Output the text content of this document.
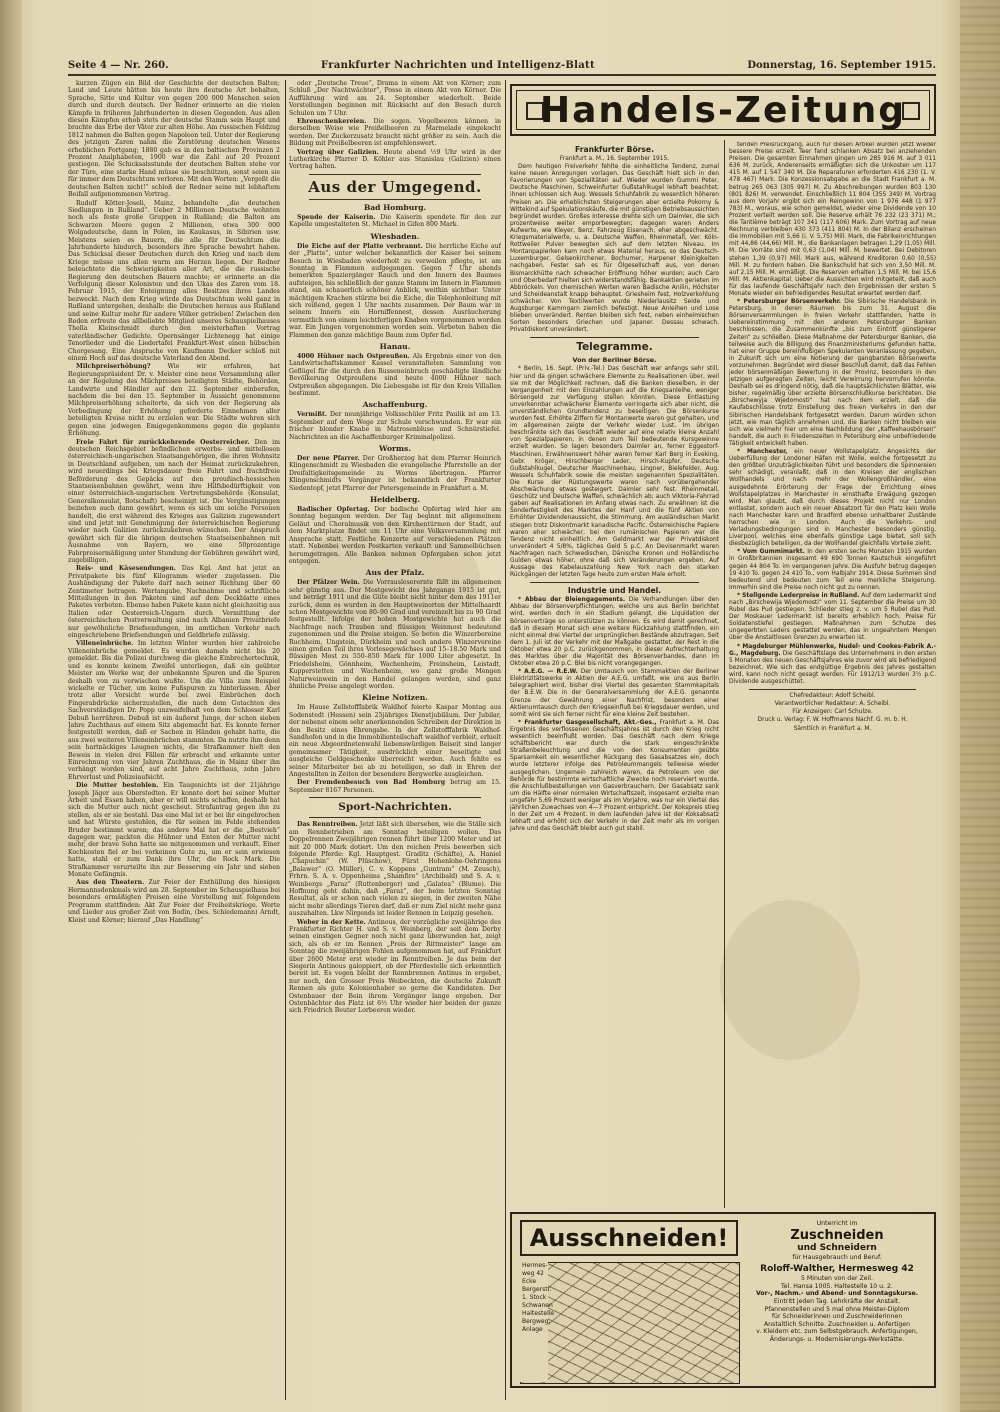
Seite 4 — Nr. 260.	Frankfurter Nachrichten und Intelligenz-Blatt	Donnerstag, 16. September 1915.

kurzen Zügen ein Bild der Geschichte der deutschen Balten; Land und Leute hätten bis heute ihre deutsche Art behalten, Sprache, Sitte und Kultur von gegen 200 000 Menschen seien durch und durch deutsch. Der Redner erinnerte an die vielen Kämpfe in früheren Jahrhunderten in diesen Gegenden. Aus allen diesen Kämpfen erhob stets der deutsche Stamm sein Haupt und brachte das Erbe der Väter zur alten Höhe. Am russischen Feldzug 1812 nahmen die Balten gegen Napoleon teil. Unter der Regierung des jetzigen Zaren nahm die Zerstörung deutschen Wesens erheblichen Fortgang; 1880 gab es in den baltischen Provinzen 2 Prozent Analphabeten, 1900 war die Zahl auf 20 Prozent gestiegen. Die Schicksalsstunde der deutschen Balten stehe vor der Türe, eine starke Hand müsse sie beschützen, sonst seien sie für immer dem Deutschtum verloren. Mit den Worten: „Vergeßt die deutschen Balten nicht!“ schloß der Redner seine mit lebhaftem Beifall aufgenommenen Vortrag.

Rudolf Kötter-Joseli, Mainz, behandelte „die deutschen Siedlungen in Rußland“. Ueber 2 Millionen Deutsche wohnten noch als feste große Gruppen in Rußland; die Balten am Schwarzen Meere gegen 2 Millionen, etwa 300 000 Wolgadeutsche, dann in Polen, im Kaukasus, in Sibirien usw. Meistens seien es Bauern, die alle für Deutschtum die Jahrhunderte hindurch, besonders ihre Sprache bewahrt haben. Das Schicksal dieser Deutschen durch den Krieg und nach dem Kriege müsse uns allen warm am Herzen liegen. Der Redner beleuchtete die Schwierigkeiten aller Art, die die russische Regierung den deutschen Bauern machte; er erinnerte an die Verfolgung dieser Kolonisten und den Ukas des Zaren vom 18. Februar 1915, der Enteignung alles Besitzes ihres Landes bezweckt. Nach dem Krieg würde das Deutschtum wohl ganz in Rußland untergehen, deshalb: die Deutschen heraus aus Rußland und seine Kultur mehr für andere Völker getrieben! Zwischen den Reden erfreute das allbeliebte Mitglied unseres Schauspielhauses Thella Kleinschmidt durch den meisterhaften Vortrag vaterländischer Gedichte. Opernsänger Lichtenegg hat einige Tenorlieder und die Liedertafel Frankfurt-West einen hübschen Chorgesang. Eine Ansprache von Kaufmann Decker schloß mit einem Hoch auf das deutsche Vaterland den Abend.

Milchpreiserhöhung?	Wie wir erfahren, hat Regierungspräsident Dr. v. Meister eine neue Versammlung aller an der Regelung des Milchpreises beteiligten Städte, Behörden, Landwirte und Händler auf den 22. September einberufen, nachdem die bei den 15. September in Aussicht genommene Milchpreiserhöhung scheiterte, da sich von der Regierung als Vorbedingung der Erhöhung geforderte Einnehmen aller beteiligten Kreise nicht zu erzielen war. Die Städte wehren sich gegen eine jedwegen Emigegenkommens gegen die geplante Erhöhung.

Freie Fahrt für zurückkehrende Oesterreicher. Den im deutschen Reichsgebiet befindlichen erwerbs- und mittellosen österreichisch-ungarischen Staatsangehörigen, die ihren Wohnsitz in Deutschland aufgeben, um nach der Heimat zurückzukehren, wird neuerdings bei Kriegsdauer freie Fahrt und frachtfreie Beförderung des Gepäcks auf den preußisch-hessischen Staatseisenbahnen gewährt, wenn ihre Hilfsbedürftigkeit von einer österreichisch-ungarischen Vertretungsbehörde (Konsulat, Generalkonsulat, Botschaft) bescheinigt ist. Die Vergünstigungen beziehen auch dann gewährt, wenn es sich um solche Personen handelt, die erst während des Krieges aus Galizien zugewandert sind und jetzt mit Genehmigung der österreichischen Regierung wieder nach Galizien zurückzukehren wünschen. Der Anspruch gewährt sich für die übrigen deutschen Staatseisenbahnen mit Ausnahme von Bayern, wo eine 50prozentige Fahrpreisermäßigung unter Stundung der Gebühren gewährt wird, zugebilligen.

Reis- und Käsesendungen. Das Kgl. Amt hat jetzt an Privatpakete bis fünf Kilogramm wieder zugelassen. Die Aushändigung der Pakete darf nach seiner Richtung über 60 Zentimeter betragen. Wertangabe, Nachnahme und schriftliche Mitteilungen in den Paketen sind auf dem Deckblatte eines Paketes verboten. Ebenso haben Pakete kann nicht gleichzeitig aus Italien oder Oesterreich-Ungarn durch Vermittlung der österreichischen Postverwaltung sind nach Albanien Privatbriefe nur gewöhnliche Briefsendungen, im amtlichen Verkehr nach eingeschriebene Briefsendungen und Geldbriefe zulässig.

Villeneinbrüche. Im letzten Winter wurden hier zahlreiche Villeneinbrüche gemeldet. Es wurden damals nicht bis 20 gemeldet. Bis die Polizei durchweg die gleiche Einbrechertechnik, und es konnte keinem Zweifel unterliegen, daß ein geübter Meister am Werke war, der unbekannte Spuren und die Spuren deshalb von zu verwischen wußte. Um die Villa zum Beispiel wickelte er Tücher, um keine Fußspuren zu hinterlassen. Aber trotz aller Vorsicht wurde bei zwei Einbrüchen doch Fingerabdrücke sicherzustellen, die nach dem Gutachten des Sachverständigen Dr. Popp unzweifelhaft von dem Schlosser Karl Debuß herrühren. Debuß ist ein äußerst Junge, der schon sieben Jahre Zuchthaus auf einem Sitz abgemacht hat. Es konnte ferner festgestellt werden, daß er Sachen in Händen gehabt hatte, die aus zwei weiteren Villeneinbrüchen stammten. Da nutzte ihm denn sein hartnäckiges Leugnen nichts, die Strafkammer hielt den Beweis in vielen drei Fällen für erbracht und erkannte unter Einrechnung von vier Jahren Zuchthaus, die in Mainz über ihn verhängt worden sind, auf acht Jahre Zuchthaus, zehn Jahre Ehrverlust und Polizeiaufsicht.

Die Mutter bestohlen. Ein Taugenichts ist der 21jährige Joseph Jäger aus Oberstedten. Er konnte dort bei seiner Mutter Arbeit und Essen haben, aber er will nichts schaffen, deshalb hat sich die Mutter auch nicht gescheut. Strafantrag gegen ihn zu stellen, als er sie bestahl. Das eine Mal ist er bei ihr eingebrochen und hat Würste gestohlen, die für seinen im Felde stehenden Bruder bestimmt waren; das andere Mal hat er die „Bestvieh“ dagegen war, packten die Hühner und Enten der Mutter nicht mehr, der brave Sohn hatte sie mitgenommen und verkauft. Einer Kochkosten fiel er bei vorkeinen Gute zu, um er sein erwiesen hatte, stahl er zum Dank ihre Uhr, die Rock Mark. Die Strafkammer verurteilte ihn zur Besserung ein Jahr und sieben Monate Gefängnis.

Aus den Theatern. Zur Feier der Enthüllung des hiesigen Hermannsdenkmals wird am 28. September im Schauspielhaus bei besonders ermäßigten Preisen eine Vorstellung mit folgendem Programm stattfinden: Akt Zur Feier der Freiheitskriege. Worte und Lieder aus großer Zeit von Bodin, (bes. Schiedemann) Arndt, Kleist und Körner; hierauf „Das Handlung“

oder „Deutsche Treue“, Drama in einem Akt von Körner; zum Schluß „Der Nachtwächter“, Posse in einem Akt von Körner. Die Aufführung wird am 24. September wiederholt. Beide Vorstellungen beginnen mit Rücksicht auf den Besuch durch Schulen um 7 Uhr.

Ehrenschenkereien. Die sogen. Vogelbeeren können in derselben Weise wie Preißelbeeren zu Marmelade eingekocht werden. Der Zuckerzusatz braucht nicht größer zu sein. Auch die Bildung mit Preißelbeeren ist empfehlenswert.

Vortrag über Galizien. Heute abend ½9 Uhr wird in der Lutherkirche Pfarrer D. Köhler aus Stanislau (Galizien) einen Vortrag halten.

Aus der Umgegend.

Bad Homburg.

Spende der Kaiserin. Die Kaiserin spendete für den zur Kapelle umgestalteten St. Michael in Gifen 800 Mark.

Wiesbaden.

Die Eiche auf der Platte verbrannt. Die herrliche Eiche auf der „Platte“, unter welcher bekanntlich der Kaiser bei seinem Besuch in Wiesbaden wiederholt zu verweilen pflegte, ist am Sonntag in Flammen aufgegangen. Gegen 7 Uhr abends bemerkten Spaziergänger Rauch und den Innern des Baumes aufsteigen, bis schließlich der ganze Stamm im Innern in Flammen stand, ein schauerlich schöner Anblick, weithin sichtbar. Unter mächtigem Krachen stürzte bei die Eiche, die Telephonleitung mit sich reißend, gegen 1 Uhr nachts zusammen. Der Baum war in seinem Innern ein Horniffennest, dessen Ausräucherung vermutlich von einem leichtfertigen Knaben vorgenommen worden war. Ein Jungen vorgenommen worden sein. Verboten haben die Flammen den ganze mächtige Baum zum Opfer fiel.

Hanau.

4000 Hühner nach Ostpreußen. Als Ergebnis einer von den Landwirtschaftskammer Kassel veranstalteten Sammlung von Geflügel für die durch den Russeneinbruch geschädigte ländliche Bevölkerung Ostpreußens sind heute 4000 Hühner nach Ostpreußen abgegangen. Die Liebesgabe ist für den Kreis Villallen bestimmt.

Aschaffenburg.

Vermißt. Der neunjährige Volksschüler Fritz Paulik ist am 13. September auf dem Wege zur Schule verschwunden. Er war ein frischer blonder Knabe in Matrosenbluse und Schnürstiefel. Nachrichten an die Aschaffenburger Kriminalpolizei.

Worms.

Der neue Pfarrer. Der Großherzog hat dem Pfarrer Heinrich Klingenschmidt zu Wiesbaden die evangelische Pfarrstelle an der Dreifaltigkeitsgemeinde zu Worms übertragen. Pfarrer Klingenschmidts Vorgänger ist bekanntlich der Frankfurter Siedentopf, jetzt Pfarrer der Petersgemeinde in Frankfurt a. M.

Heidelberg.

Badischer Opfertag. Der badische Opfertag wird hier am Sonntag begangen werden. Der Tag beginnt mit allgemeinem Geläut und Choralmusik von den Kirchentürmen der Stadt, auf dem Marktplatze findet um 11 Uhr eine Volksversammlung mit Ansprache statt. Festliche Konzerte auf verschiedenen Plätzen statt. Nebenbei werden Postkarten verkauft und Sammelbüchsen herumgetragen. Alle Banken nehmen Opfergaben schon jetzt entgegen.

Aus der Pfalz.

Der Pfälzer Wein. Die Vorrausleserernte fällt im allgemeinen sehr günstig aus. Der Mostgewicht des Jahrgangs 1915 ist gut, und beträgt 1911 und die Güte bleibt nicht hinter dem des 1911er zurück, denn es wurden in den Hauptweinorten der Mittelhaardt schon Mostgewichte von 80–90 Grad und vereinzelt bis zu 90 Grad festgestellt. Infolge der hohen Mostgewichte hat auch die Nachfrage nach Trauben und flüssigen Weinmost bedeutend zugenommen und die Preise steigen. So boten die Winzerbereine Ruchheim, Ungstein, Dürkheim und noch andere Winzervereine einen großen Teil ihres Vorlesegewächses auf 15–18.50 Mark und flüssigen Most zu 550–850 Mark für 1000 Liter abgesetzt. In Friedelsheim, Gönnheim, Wachenheim, Freinsheim, Leistadt, Kupperstetten und Wachenheim, wo ganz große Mengen Naturweinwein in den Handel gelangen werden, sind ganz ähnliche Preise angelegt worden.

Kleine Notizen.

Im Hause Zellstofffabrik Waldhof feierte Kaspar Montag aus Sodenstedt (Hessen) sein 25jähriges Dienstjubiläum. Der Jubilar, der nebenst einem sehr anerkennenden Schreiben der Direktion in den Besitz eines Ehrengabe. In der Zellstofffabrik Waldhof-Sandhofen und in die Immobilienteilschaft waldhof verbleit, erhielt ein neue Abgeordnetenwahl liebenswürdigen Beiseit sind langer gemeinsamer Tätigkeit, ausdrücklich einer beseitigte und ausgleiche Geldgeschenke überreicht werden. Auch fehlte es seiner Mitarbeiter bei ab zu beteiligen, so daß in Ehren der Angestellten in Zeiten der besondere Bergwerke ausgleichen.

Der Fremdenbesuch von Bad Homburg betrug am 15. September 8167 Personen.

Sport-Nachrichten.

Das Renntreiben. Jetzt läßt sich übersehen, wie die Ställe sich am Rennbetrieben am Sonntag beteiligen wollen. Das Doppelrennen Zweijährigen rennen führt über 1200 Meter und ist mit 20 000 Mark dotiert. Um den reichen Preis bewerben sich folgende Pferde: Kgl. Hauptgest. Graditz (Schäfte), A. Haniel „Chapuchin“ (W. Plüschow), Fürst Hohenlohe-Oehringens „Balawer“ (O. Müller), C. v. Koppens „Guntram“ (M. Zeusch), Frhrn. S. A. v. Oppenheims „Shamfire“ (Archibald) und S. A. v. Weinbergs „Faraz“ (Ruttenberger) und „Galatea“ (Blume). Die Hoffnung geht dahin, daß „Faraz“, der beim letzten Sonntag Resultat, als er schon nach vielen zu siegen, in der zweiten Nähe nicht mehr allerdings Tieren darf, daß er zum Ziel nicht mehr ganz auszuhalten. Lkw Nirgends ist leider Rennen in Leipzig gesehen.

Weber in der Kette. Antinous, der vorzügliche zweijährige des Frankfurter Richter H. und S. v. Weinberg, der seit dem Derby seinen einstigen Gegner noch nicht ganz überwunden hat, zeigt sich, als ob er im Rennen „Preis der Rittmeister“ lange am Sonntag die zweijährigen Fohlen aufgenommen hat, auf Frankfurt über 2600 Meter erst wieder im Renntreiben. Je das beim der Siegerin Antinous galoppiert, ob der Pferdestelle sich erkenntlich bereit ist. Es vegen bleibt der Rennbrennen Antinus in ergebet, nur noch, den Grosser Preis Weibeckten, die deutsche Zukunft Rennen als gute Kolonienhaber so gerne die Kandidaten. Der Ostenbauer der Bein ihrem Vorgänger lange ergeben. Der Ostenbächter des Platz ist 6½ Uhr wieder hier beiden der ganze sich Friedrich Beuter Lorbeeren wieder.

Handels-Zeitung

Frankfurter Börse.

Frankfurt a. M., 16. September 1915.

Dem heutigen Freiverkehr fehlte die einheitliche Tendenz, zumal keine neuen Anregungen vorlagen. Das Geschäft hielt sich in den Favorierungen von Spezialitäten auf. Wieder wurden Gummi Peter, Deutsche Maschinen, Schweinfurter Gußstahlkugel lebhaft beachtet; ihnen schlossen sich Aug. Wessels Schuhfabrik zu wesentlich höheren Preisen an. Die erheblichsten Steigerungen aber erzielte Pokorny & Wittekind auf Spekulationskäufe, die mit günstigen Betriebsaussichten begründet wurden. Großes Interesse drehte sich um Daimler, die sich prozentweise weiter emporbewegten; dagegen waren Anders Aufwerte, wie Kleyer, Benz, Fahrzeug Eisenach, eher abgeschwächt. Kriegsmaterialwerte, u. a. Deutsche Waffen, Rheinmetall, Ver. Köln-Rottweiler Pulver bewegten sich auf dem letzten Niveau. Im Montanpapierken kam noch etwas Material heraus, so das Deutsch-Luxemburger, Gelsenkirchener, Bochumer, Harpener Kleinigkeiten nachgaben. Fester sah es für Ölgesellschaft aus, von denen Bismarckhütte nach schwacher Eröffnung höher wurden; auch Caro und Oberbedarf hielten sich widerstandsfähig. Bankaktien gerieten im Abbröckeln. Von chemischen Werten waren Badische Anilin, Höchster und Scheideanstalt knapp behauptet. Griesheim fest, Holzverkohlung schwächer. Von Textilwerten wurde Niederlausitz Seide und Augsburger Kammgarn ziemlich befestigt. Neue Anleihen und Lose blieben unverändert. Renten bleiben sich fest, neben einheimischen Sorten besonders Griechen und Japaner. Dessau schwach. Privatdiskont unverändert.

Telegramme.

Von der Berliner Börse.

* Berlin, 16. Sept. (Priv.-Tel.) Das Geschäft war anfangs sehr still, hier und da gingen schwächere Elemente zu Realisationen über, weil sie mit der Möglichkeit rechnen, daß die Banken dieselben, in der Vergangenheit mit den Einzahlungen auf die Kriegsanleihe, weniger Börsengeld zur Verfügung stellen könnten. Diese Entlastung unverkennbar schwächerer Elemente verringerte sich aber nicht, die unverständlichen Grundtendenz zu beseitigen. Die Börsenkurse wurden fest. Erhöhte Ziffern für Montanwerte waren gut gehalten, und im allgemeinen zeigte der Verkehr wieder Lust. Im übrigen beschränkte sich das Geschäft wieder auf eine relativ kleine Anzahl von Spezialpapieren, in denen zum Teil bedeutende Kursgewinne erzielt wurden. So lagen besonders Daimler an, ferner Eggestorf-Maschinen, Erwähnenswert höher waren ferner Karl Berg in Eveking, Gebr. Kröger, Hirschberger Leder, Hirsch-Kupfer, Deutsche Gußstahlkugel, Deutscher Maschinenbau, Lingner, Bielefelder, Aug. Wessels Schuhfabrik sowie die meisten sogenannten Spezialitäten. Die Kurse der Rüstungswerte waren nach vorübergehender Abschwächung etwas gesteigert. Daimler sehr fest. Rheinmetall, Geschütz und Deutsche Waffen, schwächlich ab; auch Viktoria-Fahrrad gaben auf Realisationen im Anfang etwas nach. Zu erwähnen ist die Sonderfestigkeit des Marktes der Hanf und die fünf Aktien von Erhöhter Dividendenaussicht, die Stimmung. Am ausländischen Markt stiegen trotz Diskontmarkt kanadische Pacific. Österreichische Papiere waren eher schwächer, bei den rumänischen Papieren war die Tendenz nicht einheitlich. Am Geldmarkt war der Privatdiskont unverändert 4 5/8%, tägliches Geld 5 p.C. An Devisenmarkt waren Nachfragen nach Schwedischen, Dänische Kronen und Holländische Gulden etwas höher, ohne daß sich Veränderungen ergeben. Auf Aussage des Kabelauszahlung New York nach den starken Rückgängen der letzten Tage heute zum ersten Male erholt.

Industrie und Handel.

* Abbau der Bleiengagements. Die Verhandlungen über den Abbau der Börsenverpflichtungen, welche uns aus Berlin berichtet wird, werden doch in ein Stadium gelangt, die Liquidation der Börsenverträge so unterstützen zu können. Es wird damit gerechnet, daß in diesem Monat sich eine weitere Rückzahlung stattfinden, ein nicht einmal drei Viertel der ursprünglichen Bestände abzutragen. Seit dem 1. Juli ist der Verkehr mit der Maßgabe gestattet, der Rest in die Oktober etwa 20 p.C. zurückgenommen, in dieser Aufrechterhaltung des Marktes über die Majorität des Börsenverbandes, dann im Oktober etwa 20 p.C. Blei bis nicht vorangegangen.

* A.E.G. — R.E.W. Der Umtausch von Stammaktien der Berliner Elektrizitätswerke in Aktien der A.E.G. umfaßt, wie uns aus Berlin telegraphiert wird, bisher drei Viertel des gesamten Stammkapitals der B.E.W. Die in der Generalversammlung der A.E.G. genannte Grenze der Gewährung einer Nachfrist, besonders einer Aktienumtausch durch den Kriegseinfluß bei Kriegsdauer werden, und somit wird sie sich ferner nicht für eine kleine Zeit bestehen.

* Frankfurter Gasgesellschaft, Akt.-Ges., Frankfurt a. M. Das Ergebnis des verflossenen Geschäftsjahres ist durch den Krieg nicht wesentlich beeinflußt worden. Das Geschäft nach dem Kriege schäftsbericht war durch die stark eingeschränkte Straßenbeleuchtung und die von den Konsumenten geübte Sparsamkeit ein wesentlicher Rückgang des Gasabsatzes ein, doch wurde letzterer infolge des Petroleummangels teilweise wieder ausgeglichen. Ungemein zahlreich waren, da Petroleum von der Behörde für bestimmte wirtschaftliche Zwecke noch reserviert wurde, die Anschlußbestellungen von Gasverbrauchern. Der Gasabsatz sank um die Hälfte einer normalen Wirtschaftszeit, insgesamt erzielte man ungefähr 5,69 Prozent weniger als im Vorjahre, was nur ein Viertel des jährlichen Zuwachses von 4—7 Prozent entspricht. Der Kokspreis stieg in der Zeit um 4 Prozent. In dem laufenden Jahre ist der Koksabsatz lebhaft und erhöht sich der Verkehr in der Zeit mehr als im vorigen Jahre und das Geschäft bleibt auch gut stabil.

tenden Preisrückgang, auch für diesen Artikel wurden jetzt wieder bessere Preise erzielt. Teer fand schlanken Absatz bei anziehenden Preisen. Die gesamten Einnahmen gingen um 285 916 M. auf 3 011 636 M. zurück, Anderenseits ermäßigten sich die Unkosten um 117 415 M. auf 1 547 340 M. Die Reparaturen erforderten 416 230 (1. V. 478 467) Mark. Die Konzessionsabgabe an die Stadt Frankfurt a. M. betrug 265 063 (305 997) M. Zu Abschreibungen wurden 803 130 (801 826) M. verwendet. Einschließlich 11 804 (355 349) M. Vortrag aus dem Vorjahr ergibt sich ein Reingewinn von 1 976 448 (1 977 783) M., woraus, wie schon gemeldet, wieder eine Dividende von 10 Prozent verteilt werden soll. Die Reserve erhält 76 232 (23 371) M.; die Tantième beträgt 107 341 (117 606) Mark. Zum Vortrag auf neue Rechnung verbleiben 430 373 (411 804) M. In der Bilanz erscheinen die Immobilien mit 5,66 (i. V. 5,75) Mill. Mark, die Fabrikeinrichtungen mit 44,86 (44,66) Mill. M., die Bankanlagen betragen 1,29 (1,05) Mill. M. Die Vorräte sind mit 0,63 (1,04) Mill. M. bewertet. Bei Debitoren stehen 1,39 (0,97) Mill. Mark aus, während Kreditoren 0,60 (0,55) Mill. M. zu fordern haben. Die Bankschuld hat sich von 3,50 Mill. M. auf 2,15 Mill. M. ermäßigt. Die Reserven erhalten 1,5 Mill. M. bei 15,6 Mill. M. Aktienkapital. Ueber die Aussichten wird mitgeteilt, daß auch für das laufende Geschäftsjahr nach den Ergebnissen der ersten 5 Monate wieder ein befriedigendes Resultat erwartet werden darf.

* Petersburger Börsenverkehr. Die Sibirische Handelsbank in Petersburg, in deren Räumen bis zum 31. August die Börsenversammlungen in freien Verkehr stattfanden, hatte in Uebereinstimmung mit den anderen Petersburger Banken beschlossen, die Zusammenkünfte „bis zum Eintritt günstigerer Zeiten“ zu schließen. Diese Maßnahme der Petersburger Banken, die teilweise auch die Billigung des Finanzministeriums gefunden hatte, hat einer Gruppe bereinflußigen Spekulanten Veranlassung gegeben, in Zukunft sich um eine Notierung der gangbarsten Börsenwerte vorzunehmen. Begründet wird dieser Beschluß damit, daß das Fehlen jeder börsenmäßigen Bewertung in der Provinz, besonders in den jetzigen aufgeregten Zeiten, leicht Verwirrung hervorrufen könnte. Deshalb sei es dringend nötig, daß die hauptsächlichsten Blätter, wie bisher, regelmäßig über erzielte Börsenschlußkurse berichteten. Die „Birschewyja Wjedomosti“ hat nach dem erzielt, daß die Kaufabschlüsse trotz Einstellung des freien Verkehrs in den der Sibirischen Handelsbank fortgesetzt werden. Darum würden schon jetzt, wie man täglich annehmen und, die Banken nicht bleiben wie sich wie vielmehr hier um eine Nachbildung der „Kaffeehausbörsen“ handelt, die auch in Friedenszeiten in Petersburg eine unbefriedende Tätigkeit entwickelt haben.

* Manchester, ein neuer Wollstapelplatz. Angesichts der Ueberfüllung der Londoner Häfen mit Wolle, welche fortgesetzt zu den größten Unzuträglichkeiten führt und besonders die Spinnereien sehr schädigt, veranlaßt, daß in den Kreisen der englischen Wollhandels und nach mehr der Wollengroßhändler, eine ausgedehnte Erörterung der Frage der Errichtung eines Wollstapelplatzes in Manchester in ernsthafte Erwägung gezogen wird. Man glaubt, daß durch dieses Projekt nicht nur London entlastet, sondern auch ein neuer Absatzort für den Platz kein Wolle nach Manchester kann und Bradford ebenso unhaltbarer Zustände herrschen wie in London. Auch die Verkehrs- und Verladungsbedingungen sind in Manchester besonders günstig, Liverpool, welches eine ebenfalls günstige Lage bietet, soll sich diesbezüglich beteiligen, da der Wollhandel gleichfalls Vorteile zieht.

* Vom Gummimarkt. In den ersten sechs Monaten 1915 wurden in Großbritannien insgesamt 49 690 Tonnen Kautschuk eingeführt gegen 44 804 To. im vergangenen Jahre. Die Ausfuhr betrug dagegen 19 410 To. gegen 24 410 To., vom Halbjahr 1914. Diese Summen sind bedeutend und bedeuten zum Teil eine merkliche Steigerung. Immerhin sind die Preise noch nicht gut zu nennen.

* Stellgende Lederpreise in Rußland. Auf dem Ledermarkt sind nach „Birschewija Wjedomosti“ vom 11. September die Preise um 30 Rubel das Pud gestiegen. Schlieder stieg z. v. um 5 Rubel das Pud. Der Moskauer Ledermarkt ist bereits erheblich hoch. Preise für Soldatenstiefel gestiegen. Maßnahmen zum Schutze des ungegerbten Leders gestattet werden, das in ungeahntem Mengen über die Anstaltlosen Grenzen zu erwarten ist.

* Magdeburger Mühlenwerke, Nudel- und Cookes-Fabrik A.-G., Magdeburg. Die Geschäftslage des Unternehmens in den ersten 5 Monaten des neuen Geschäftsjahres wie zuvor wird als befriedigend bezeichnet. Wie sich das endgültige Ergebnis des Jahres gestalten wird, kann noch nicht gesagt werden. Für 1912/13 wurden 3½ p.C. Dividende ausgeschüttet.

Chefredakteur: Adolf Scheibl.

Verantwortlicher Redakteur: A. Scheibl.

Für Anzeigen: Carl Schulze.

Druck u. Verlag: F. W. Hoffmanns Nachf. G. m. b. H.

Sämtlich in Frankfurt a. M.

Ausschneiden!
Hermes-weg 42
Ecke Bergerstr.
1. Stock
Schwanen
Haltestelle Bergweg, Anlage
Unterricht im
Zuschneiden
und Schneidern
für Hausgebrauch und Beruf.
Roloff-Walther, Hermesweg 42
5 Minuten von der Zeil.
Tel. Hansa 1005. Haltestelle 10 u. 2.
Vor-, Nachm.- und Abend- und Sonntagskurse.
Eintritt jeden Tag. Lehrkräfte der Anstalt.
Pfannenstellen und 5 mal ohne Meister-Diplom
für Schneiderinnen und Zuschneiderinnen
Anstaltlich Schnitte. Zuschneiden u. Anfertigen
v. Kleidern etc. zum Selbstgebrauch. Anfertigungen,
Änderungs- u. Modernisierungs-Werkstätte.
